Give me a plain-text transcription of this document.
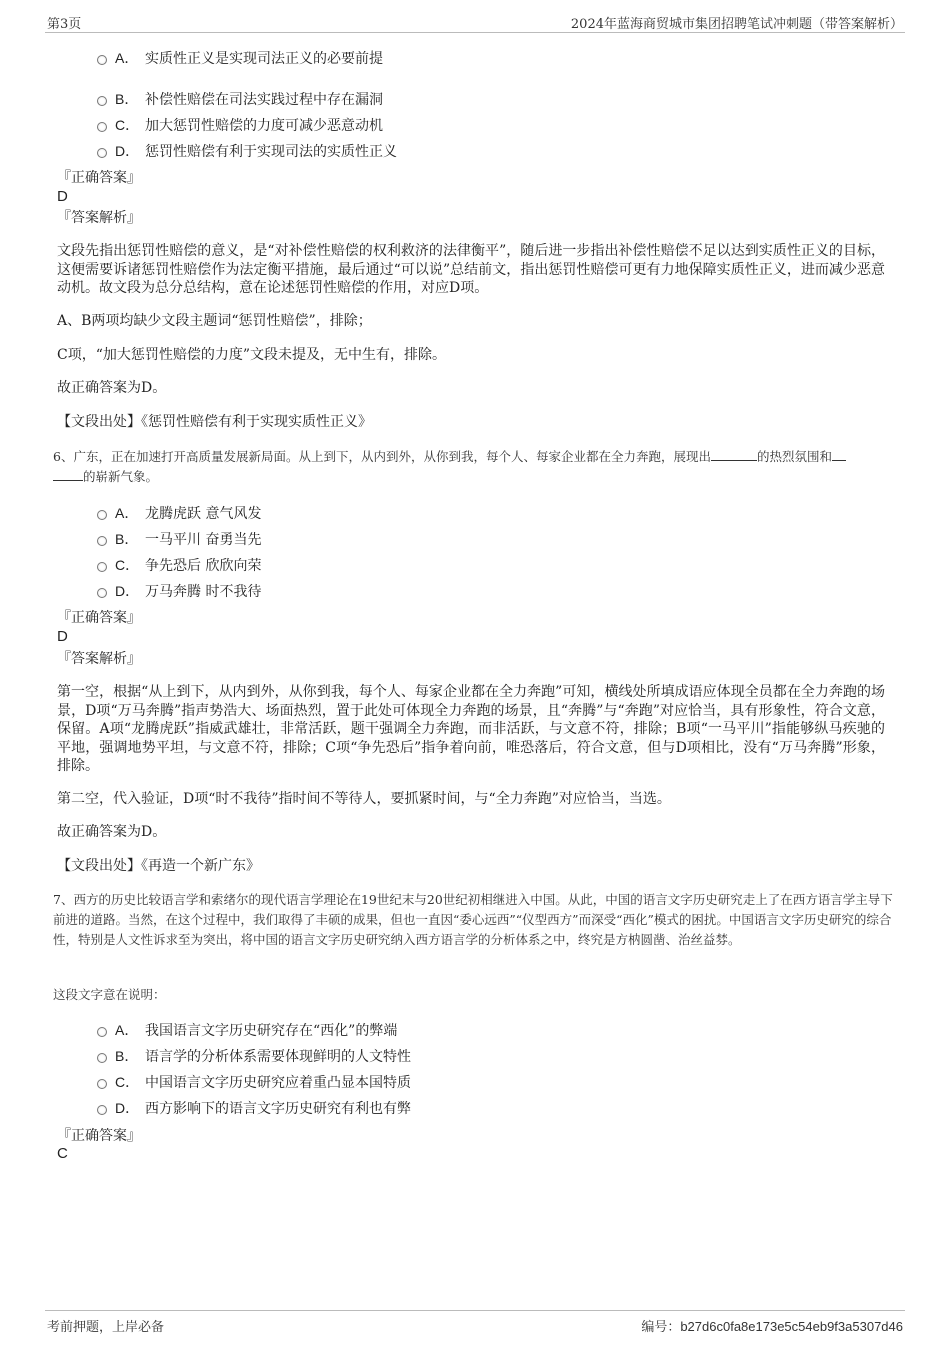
第3页	2024年蓝海商贸城市集团招聘笔试冲刺题（带答案解析）
A． 实质性正义是实现司法正义的必要前提
B． 补偿性赔偿在司法实践过程中存在漏洞
C． 加大惩罚性赔偿的力度可减少恶意动机
D． 惩罚性赔偿有利于实现司法的实质性正义
『正确答案』
D
『答案解析』
文段先指出惩罚性赔偿的意义，是“对补偿性赔偿的权利救济的法律衡平”，随后进一步指出补偿性赔偿不足以达到实质性正义的目标，这便需要诉诸惩罚性赔偿作为法定衡平措施，最后通过“可以说”总结前文，指出惩罚性赔偿可更有力地保障实质性正义，进而减少恶意动机。故文段为总分总结构，意在论述惩罚性赔偿的作用，对应D项。
A、B两项均缺少文段主题词“惩罚性赔偿”，排除；
C项，“加大惩罚性赔偿的力度”文段未提及，无中生有，排除。
故正确答案为D。
【文段出处】《惩罚性赔偿有利于实现实质性正义》
6、广东，正在加速打开高质量发展新局面。从上到下，从内到外，从你到我，每个人、每家企业都在全力奔跑，展现出	的热烈氛围和
的崭新气象。
A． 龙腾虎跃 意气风发
B． 一马平川 奋勇当先
C． 争先恐后 欣欣向荣
D． 万马奔腾 时不我待
『正确答案』
D
『答案解析』
第一空，根据“从上到下，从内到外，从你到我，每个人、每家企业都在全力奔跑”可知，横线处所填成语应体现全员都在全力奔跑的场景，D项“万马奔腾”指声势浩大、场面热烈，置于此处可体现全力奔跑的场景，且“奔腾”与“奔跑”对应恰当，具有形象性，符合文意，保留。A项“龙腾虎跃”指威武雄壮，非常活跃，题干强调全力奔跑，而非活跃，与文意不符，排除；B项“一马平川”指能够纵马疾驰的平地，强调地势平坦，与文意不符，排除；C项“争先恐后”指争着向前，唯恐落后，符合文意，但与D项相比，没有“万马奔腾”形象，排除。
第二空，代入验证，D项“时不我待”指时间不等待人，要抓紧时间，与“全力奔跑”对应恰当，当选。
故正确答案为D。
【文段出处】《再造一个新广东》
7、西方的历史比较语言学和索绪尔的现代语言学理论在19世纪末与20世纪初相继进入中国。从此，中国的语言文字历史研究走上了在西方语言学主导下前进的道路。当然，在这个过程中，我们取得了丰硕的成果，但也一直因“委心远西”“仪型西方”而深受“西化”模式的困扰。中国语言文字历史研究的综合性，特别是人文性诉求至为突出，将中国的语言文字历史研究纳入西方语言学的分析体系之中，终究是方枘圆凿、治丝益棼。
这段文字意在说明：
A． 我国语言文字历史研究存在“西化”的弊端
B． 语言学的分析体系需要体现鲜明的人文特性
C． 中国语言文字历史研究应着重凸显本国特质
D． 西方影响下的语言文字历史研究有利也有弊
『正确答案』
C
考前押题，上岸必备	编号：b27d6c0fa8e173e5c54eb9f3a5307d46
